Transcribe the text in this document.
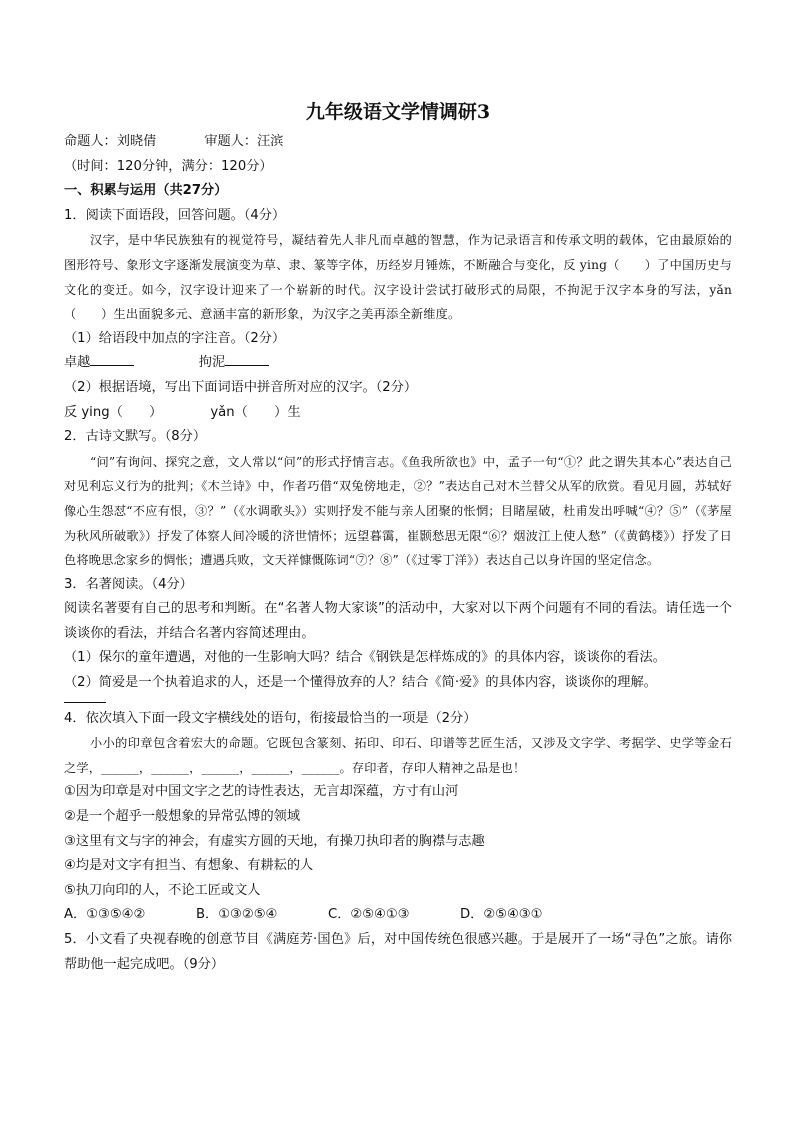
九年级语文学情调研3
命题人：刘晓倩	审题人：汪滨
（时间：120分钟，满分：120分）
一、积累与运用（共27分）
1．阅读下面语段，回答问题。（4分）
汉字，是中华民族独有的视觉符号，凝结着先人非凡而卓越的智慧，作为记录语言和传承文明的载体，它由最原始的图形符号、象形文字逐渐发展演变为草、隶、篆等字体，历经岁月锤炼，不断融合与变化，反 ying（　　）了中国历史与文化的变迁。如今，汉字设计迎来了一个崭新的时代。汉字设计尝试打破形式的局限，不拘泥于汉字本身的写法，yǎn（　　）生出面貌多元、意涵丰富的新形象，为汉字之美再添全新维度。
（1）给语段中加点的字注音。（2分）
卓越	拘泥
（2）根据语境，写出下面词语中拼音所对应的汉字。（2分）
反 ying（　　）	yǎn（　　）生
2．古诗文默写。（8分）
“问”有询问、探究之意，文人常以“问”的形式抒情言志。《鱼我所欲也》中，孟子一句“①？此之谓失其本心”表达自己对见利忘义行为的批判；《木兰诗》中，作者巧借“双兔傍地走，②？”表达自己对木兰替父从军的欣赏。看见月圆，苏轼好像心生怨怼“不应有恨，③？”（《水调歌头》）实则抒发不能与亲人团聚的怅惘；目睹屋破，杜甫发出呼喊“④？⑤”（《茅屋为秋风所破歌》）抒发了体察人间冷暖的济世情怀；远望暮霭，崔颢愁思无限“⑥？烟波江上使人愁”（《黄鹤楼》）抒发了日色将晚思念家乡的惆怅；遭遇兵败，文天祥慷慨陈词“⑦？⑧”（《过零丁洋》）表达自己以身许国的坚定信念。
3．名著阅读。（4分）
阅读名著要有自己的思考和判断。在“名著人物大家谈”的活动中，大家对以下两个问题有不同的看法。请任选一个谈谈你的看法，并结合名著内容简述理由。
（1）保尔的童年遭遇，对他的一生影响大吗？结合《钢铁是怎样炼成的》的具体内容，谈谈你的看法。
（2）简爱是一个执着追求的人，还是一个懂得放弃的人？结合《简·爱》的具体内容，谈谈你的理解。
4．依次填入下面一段文字横线处的语句，衔接最恰当的一项是（2分）
小小的印章包含着宏大的命题。它既包含篆刻、拓印、印石、印谱等艺匠生活，又涉及文字学、考据学、史学等金石之学，______，______，______，______，______。存印者，存印人精神之品是也！
①因为印章是对中国文字之艺的诗性表达，无言却深蕴，方寸有山河
②是一个超乎一般想象的异常弘博的领域
③这里有文与字的神会，有虚实方圆的天地，有操刀执印者的胸襟与志趣
④均是对文字有担当、有想象、有耕耘的人
⑤执刀向印的人，不论工匠或文人
A．①③⑤④②	B．①③②⑤④	C．②⑤④①③	D．②⑤④③①
5．小文看了央视春晚的创意节目《满庭芳·国色》后，对中国传统色很感兴趣。于是展开了一场“寻色”之旅。请你帮助他一起完成吧。（9分）
